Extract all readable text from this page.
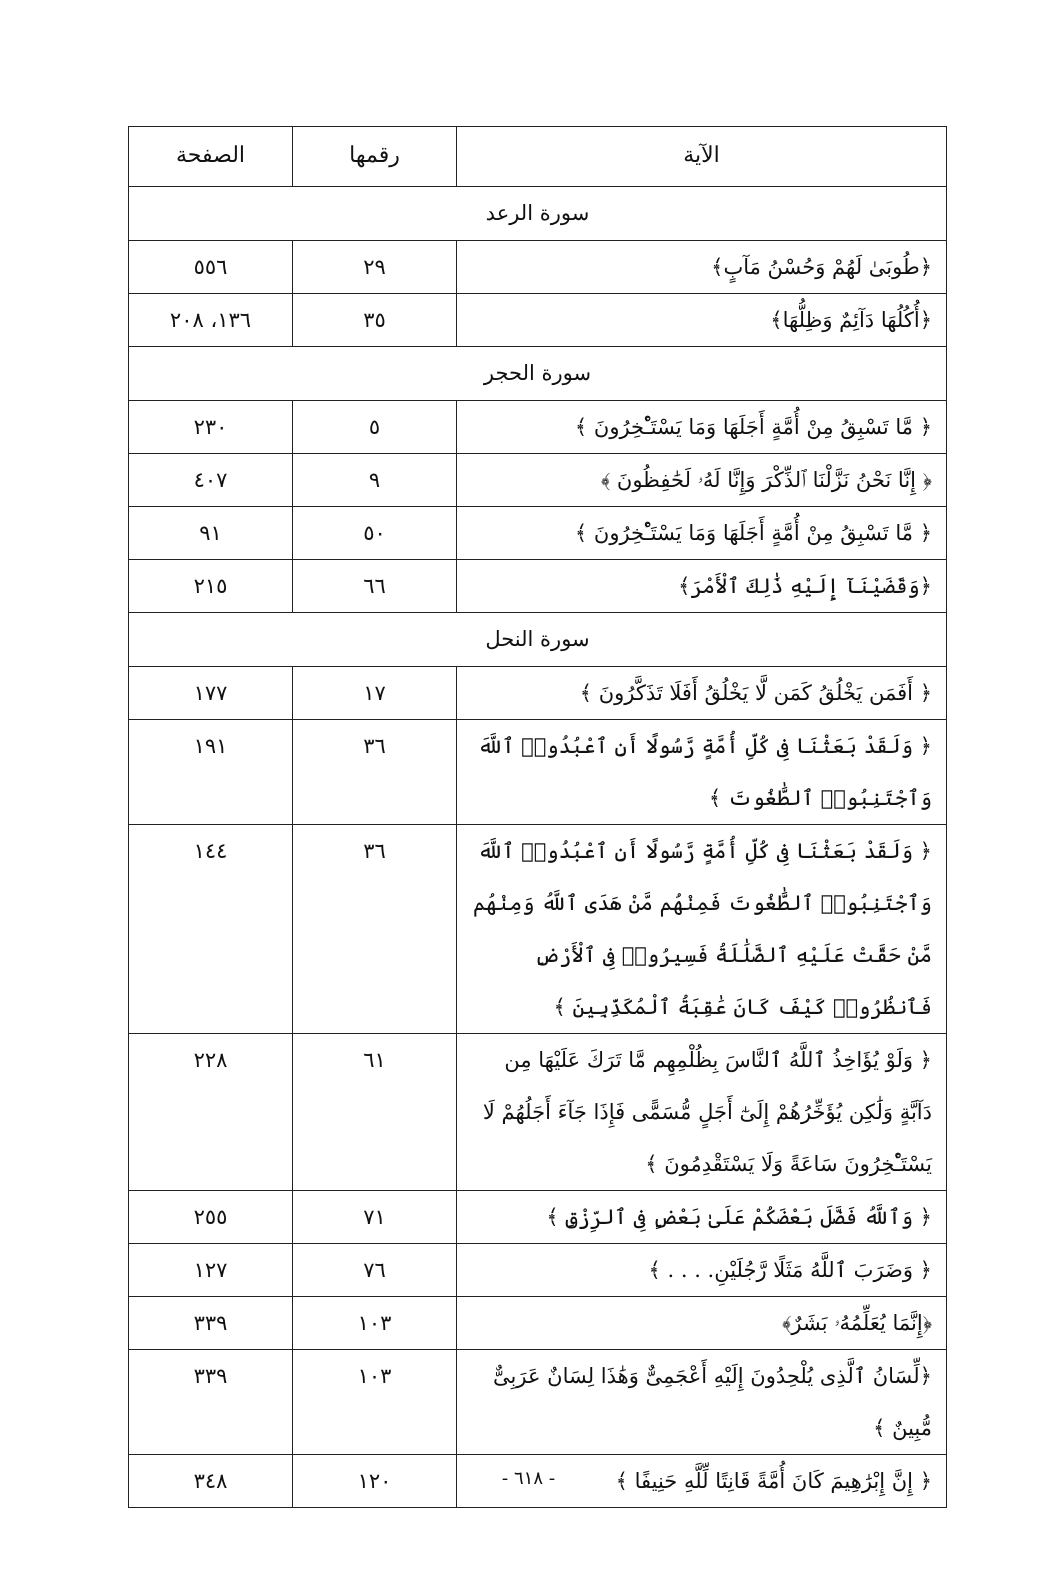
الآية	رقمها	الصفحة
سورة الرعد		
﴿طُوبَىٰ لَهُمْ وَحُسْنُ مَآبٍ﴾	٢٩	٥٥٦
﴿أُكُلُهَا دَآئِمٌ وَظِلُّهَا﴾	٣٥	١٣٦، ٢٠٨
سورة الحجر		
﴿ مَّا تَسْبِقُ مِنْ أُمَّةٍ أَجَلَهَا وَمَا يَسْتَـْٔخِرُونَ ﴾	٥	٢٣٠
﴿ إِنَّا نَحْنُ نَزَّلْنَا ٱلذِّكْرَ وَإِنَّا لَهُۥ لَحَٰفِظُونَ ﴾	٩	٤٠٧
﴿ مَّا تَسْبِقُ مِنْ أُمَّةٍ أَجَلَهَا وَمَا يَسْتَـْٔخِرُونَ ﴾	٥٠	٩١
﴿وَقَضَيْنَآ إِلَيْهِ ذَٰلِكَ ٱلْأَمْرَ﴾	٦٦	٢١٥
سورة النحل		
﴿ أَفَمَن يَخْلُقُ كَمَن لَّا يَخْلُقُ أَفَلَا تَذَكَّرُونَ ﴾	١٧	١٧٧
﴿ وَلَقَدْ بَعَثْنَا فِى كُلِّ أُمَّةٍ رَّسُولًا أَنِ ٱعْبُدُوا۟ ٱللَّهَ وَٱجْتَنِبُوا۟ ٱلطَّٰغُوتَ ﴾	٣٦	١٩١
﴿ وَلَقَدْ بَعَثْنَا فِى كُلِّ أُمَّةٍ رَّسُولًا أَنِ ٱعْبُدُوا۟ ٱللَّهَ وَٱجْتَنِبُوا۟ ٱلطَّٰغُوتَ فَمِنْهُم مَّنْ هَدَى ٱللَّهُ وَمِنْهُم مَّنْ حَقَّتْ عَلَيْهِ ٱلضَّلَٰلَةُ فَسِيرُوا۟ فِى ٱلْأَرْضِ فَٱنظُرُوا۟ كَيْفَ كَانَ عَٰقِبَةُ ٱلْمُكَذِّبِينَ ﴾	٣٦	١٤٤
﴿ وَلَوْ يُؤَاخِذُ ٱللَّهُ ٱلنَّاسَ بِظُلْمِهِم مَّا تَرَكَ عَلَيْهَا مِن دَآبَّةٍ وَلَٰكِن يُؤَخِّرُهُمْ إِلَىٰٓ أَجَلٍ مُّسَمًّى فَإِذَا جَآءَ أَجَلُهُمْ لَا يَسْتَـْٔخِرُونَ سَاعَةً وَلَا يَسْتَقْدِمُونَ ﴾	٦١	٢٢٨
﴿ وَٱللَّهُ فَضَّلَ بَعْضَكُمْ عَلَىٰ بَعْضٍ فِى ٱلرِّزْقِ ﴾	٧١	٢٥٥
﴿ وَضَرَبَ ٱللَّهُ مَثَلًا رَّجُلَيْنِ. . . . ﴾	٧٦	١٢٧
﴿إِنَّمَا يُعَلِّمُهُۥ بَشَرٌ﴾	١٠٣	٣٣٩
﴿لِّسَانُ ٱلَّذِى يُلْحِدُونَ إِلَيْهِ أَعْجَمِىٌّ وَهَٰذَا لِسَانٌ عَرَبِىٌّ مُّبِينٌ ﴾	١٠٣	٣٣٩
﴿ إِنَّ إِبْرَٰهِيمَ كَانَ أُمَّةً قَانِتًا لِّلَّهِ حَنِيفًا ﴾	١٢٠	٣٤٨	- ٦١٨ -
